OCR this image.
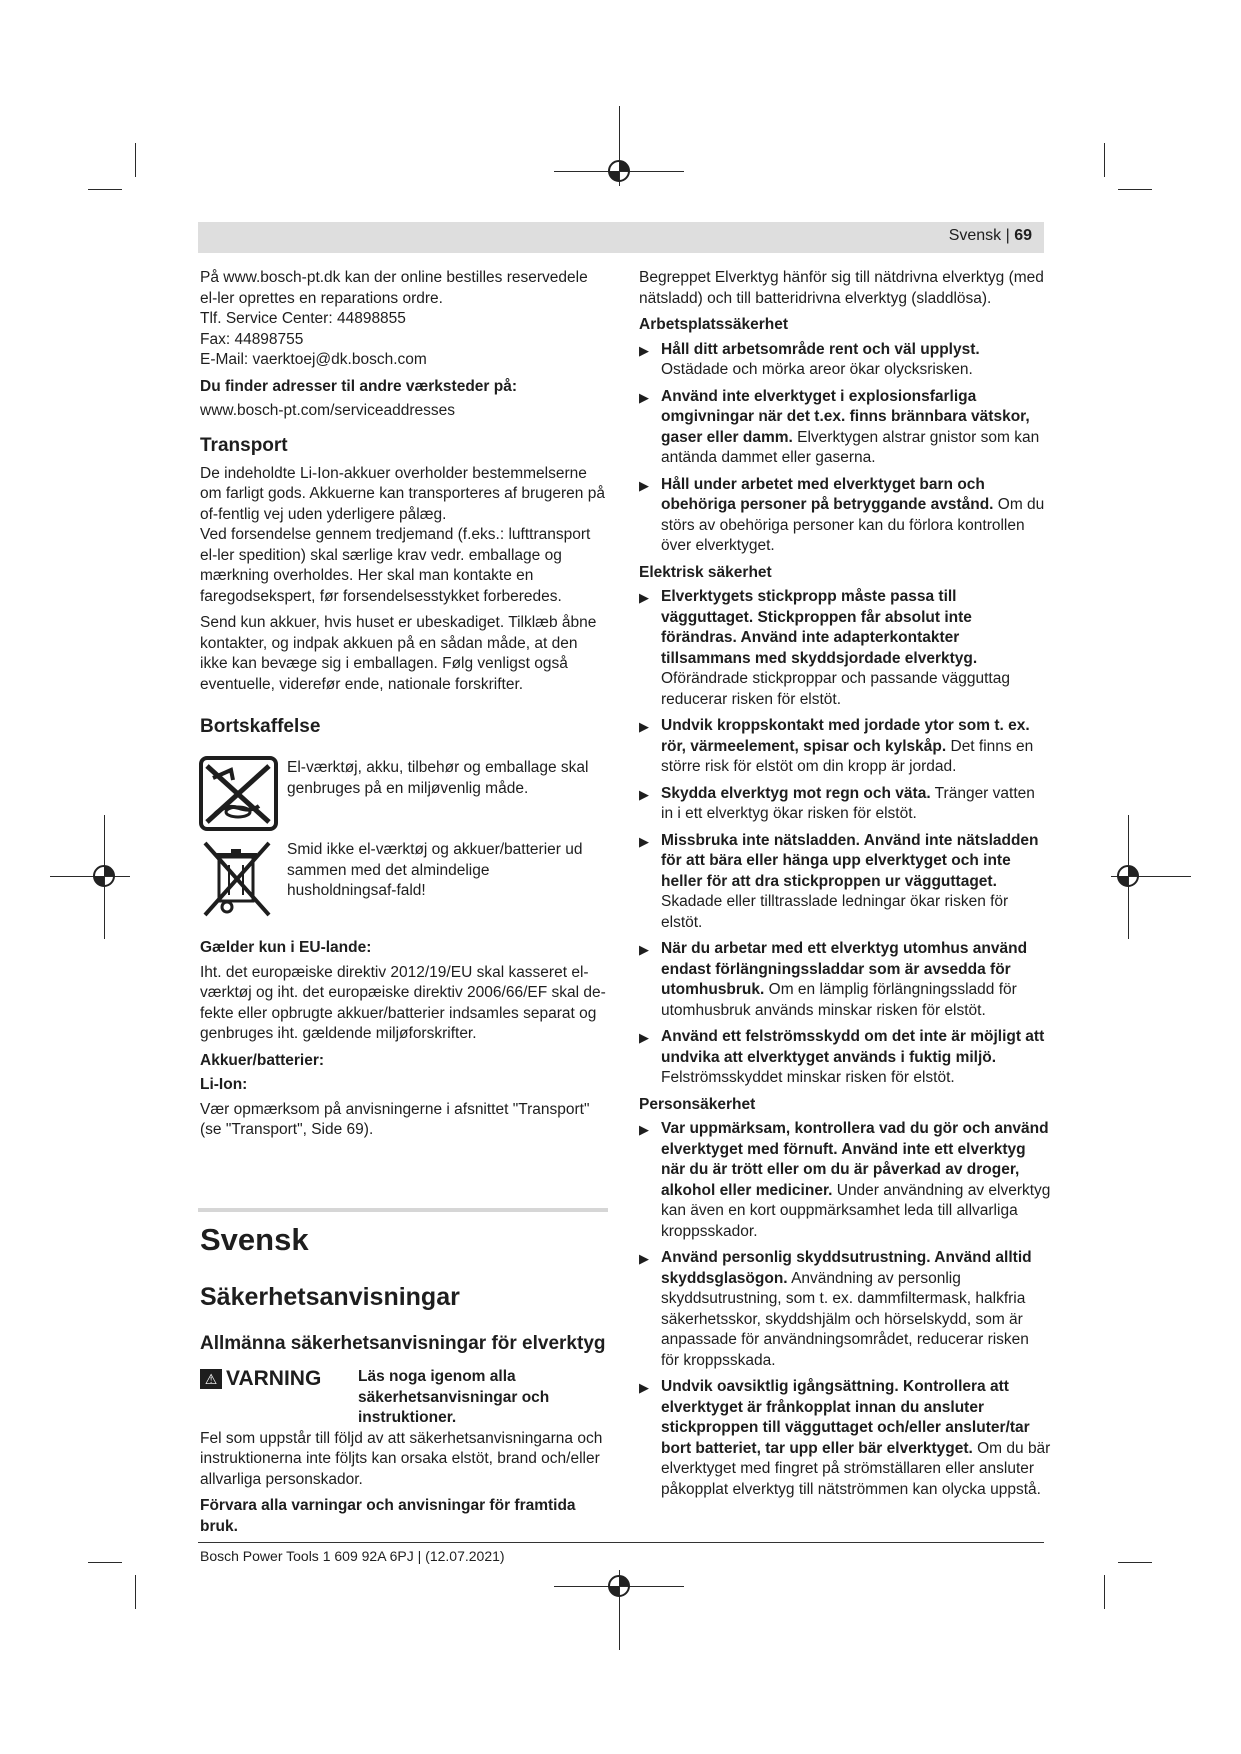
Svensk | 69

På www.bosch-pt.dk kan der online bestilles reservedele el-ler oprettes en reparations ordre.

Tlf. Service Center: 44898855

Fax: 44898755

E-Mail: vaerktoej@dk.bosch.com

Du finder adresser til andre værksteder på:

www.bosch-pt.com/serviceaddresses

Transport

De indeholdte Li-Ion-akkuer overholder bestemmelserne om farligt gods. Akkuerne kan transporteres af brugeren på of-fentlig vej uden yderligere pålæg.

Ved forsendelse gennem tredjemand (f.eks.: lufttransport el-ler spedition) skal særlige krav vedr. emballage og mærkning overholdes. Her skal man kontakte en faregodsekspert, før forsendelsesstykket forberedes.

Send kun akkuer, hvis huset er ubeskadiget. Tilklæb åbne kontakter, og indpak akkuen på en sådan måde, at den ikke kan bevæge sig i emballagen. Følg venligst også eventuelle, viderefør ende, nationale forskrifter.

Bortskaffelse
El-værktøj, akku, tilbehør og emballage skal genbruges på en miljøvenlig måde.
Smid ikke el-værktøj og akkuer/batterier ud sammen med det almindelige husholdningsaf-fald!
Gælder kun i EU-lande:

Iht. det europæiske direktiv 2012/19/EU skal kasseret el-værktøj og iht. det europæiske direktiv 2006/66/EF skal de-fekte eller opbrugte akkuer/batterier indsamles separat og genbruges iht. gældende miljøforskrifter.

Akkuer/batterier:
Li-Ion:

Vær opmærksom på anvisningerne i afsnittet "Transport" (se "Transport", Side 69).

Svensk
Säkerhetsanvisningar
Allmänna säkerhetsanvisningar för elverktyg
⚠ VARNING	Läs noga igenom alla säkerhetsanvisningar och instruktioner.

Fel som uppstår till följd av att säkerhetsanvisningarna och instruktionerna inte följts kan orsaka elstöt, brand och/eller allvarliga personskador.

Förvara alla varningar och anvisningar för framtida bruk.

Begreppet Elverktyg hänför sig till nätdrivna elverktyg (med nätsladd) och till batteridrivna elverktyg (sladdlösa).

Arbetsplatssäkerhet
▶ Håll ditt arbetsområde rent och väl upplyst. Ostädade och mörka areor ökar olycksrisken.
▶ Använd inte elverktyget i explosionsfarliga omgivningar när det t.ex. finns brännbara vätskor, gaser eller damm. Elverktygen alstrar gnistor som kan antända dammet eller gaserna.
▶ Håll under arbetet med elverktyget barn och obehöriga personer på betryggande avstånd. Om du störs av obehöriga personer kan du förlora kontrollen över elverktyget.
Elektrisk säkerhet
▶ Elverktygets stickpropp måste passa till vägguttaget. Stickproppen får absolut inte förändras. Använd inte adapterkontakter tillsammans med skyddsjordade elverktyg. Oförändrade stickproppar och passande vägguttag reducerar risken för elstöt.
▶ Undvik kroppskontakt med jordade ytor som t. ex. rör, värmeelement, spisar och kylskåp. Det finns en större risk för elstöt om din kropp är jordad.
▶ Skydda elverktyg mot regn och väta. Tränger vatten in i ett elverktyg ökar risken för elstöt.
▶ Missbruka inte nätsladden. Använd inte nätsladden för att bära eller hänga upp elverktyget och inte heller för att dra stickproppen ur vägguttaget. Skadade eller tilltrasslade ledningar ökar risken för elstöt.
▶ När du arbetar med ett elverktyg utomhus använd endast förlängningssladdar som är avsedda för utomhusbruk. Om en lämplig förlängningssladd för utomhusbruk används minskar risken för elstöt.
▶ Använd ett felströmsskydd om det inte är möjligt att undvika att elverktyget används i fuktig miljö. Felströmsskyddet minskar risken för elstöt.
Personsäkerhet
▶ Var uppmärksam, kontrollera vad du gör och använd elverktyget med förnuft. Använd inte ett elverktyg när du är trött eller om du är påverkad av droger, alkohol eller mediciner. Under användning av elverktyg kan även en kort ouppmärksamhet leda till allvarliga kroppsskador.
▶ Använd personlig skyddsutrustning. Använd alltid skyddsglasögon. Användning av personlig skyddsutrustning, som t. ex. dammfiltermask, halkfria säkerhetsskor, skyddshjälm och hörselskydd, som är anpassade för användningsområdet, reducerar risken för kroppsskada.
▶ Undvik oavsiktlig igångsättning. Kontrollera att elverktyget är frånkopplat innan du ansluter stickproppen till vägguttaget och/eller ansluter/tar bort batteriet, tar upp eller bär elverktyget. Om du bär elverktyget med fingret på strömställaren eller ansluter påkopplat elverktyg till nätströmmen kan olycka uppstå.
Bosch Power Tools 1 609 92A 6PJ | (12.07.2021)
